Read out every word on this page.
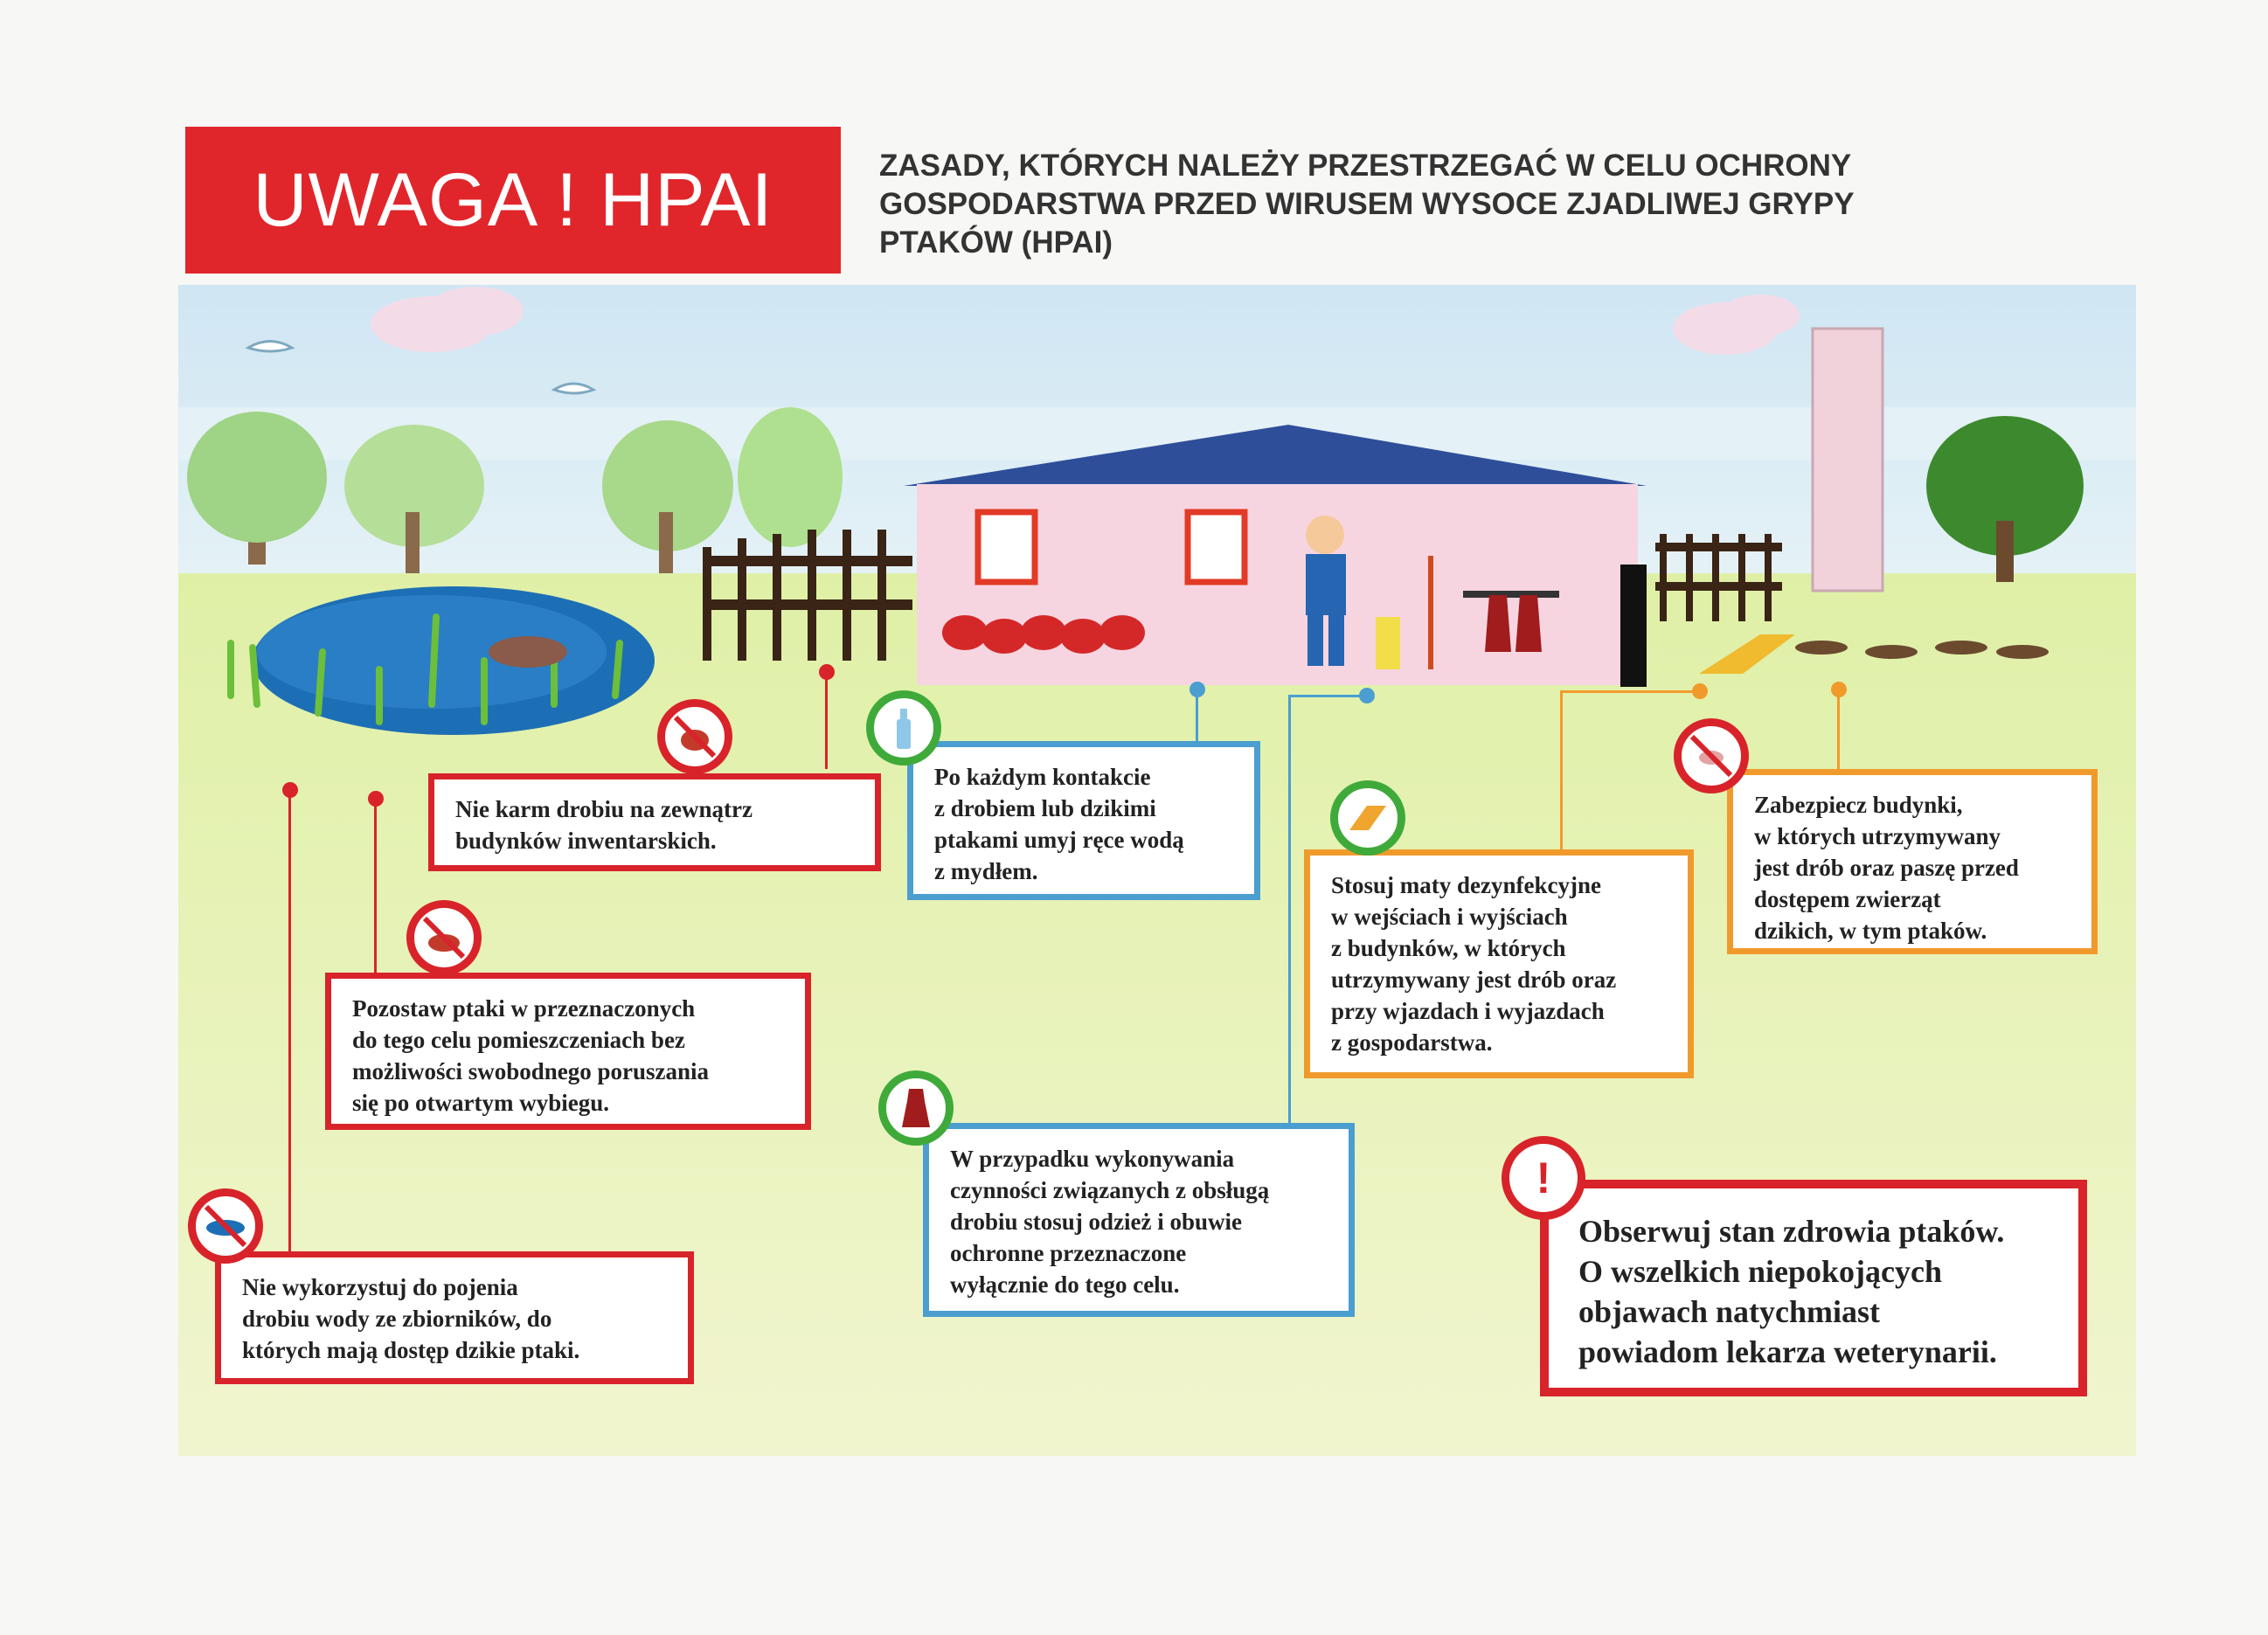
UWAGA ! HPAI	ZASADY, KTÓRYCH NALEŻY PRZESTRZEGAĆ W CELU OCHRONY
GOSPODARSTWA PRZED WIRUSEM WYSOCE ZJADLIWEJ GRYPY
PTAKÓW (HPAI)
Nie karm drobiu na zewnątrz
budynków inwentarskich.
Po każdym kontakcie
z drobiem lub dzikimi
ptakami umyj ręce wodą
z mydłem.
Pozostaw ptaki w przeznaczonych
do tego celu pomieszczeniach bez
możliwości swobodnego poruszania
się po otwartym wybiegu.
Stosuj maty dezynfekcyjne
w wejściach i wyjściach
z budynków, w których
utrzymywany jest drób oraz
przy wjazdach i wyjazdach
z gospodarstwa.
Zabezpiecz budynki,
w których utrzymywany
jest drób oraz paszę przed
dostępem zwierząt
dzikich, w tym ptaków.
W przypadku wykonywania
czynności związanych z obsługą
drobiu stosuj odzież i obuwie
ochronne przeznaczone
wyłącznie do tego celu.
Nie wykorzystuj do pojenia
drobiu wody ze zbiorników, do
których mają dostęp dzikie ptaki.
Obserwuj stan zdrowia ptaków.
O wszelkich niepokojących
objawach natychmiast
powiadom lekarza weterynarii.
!
